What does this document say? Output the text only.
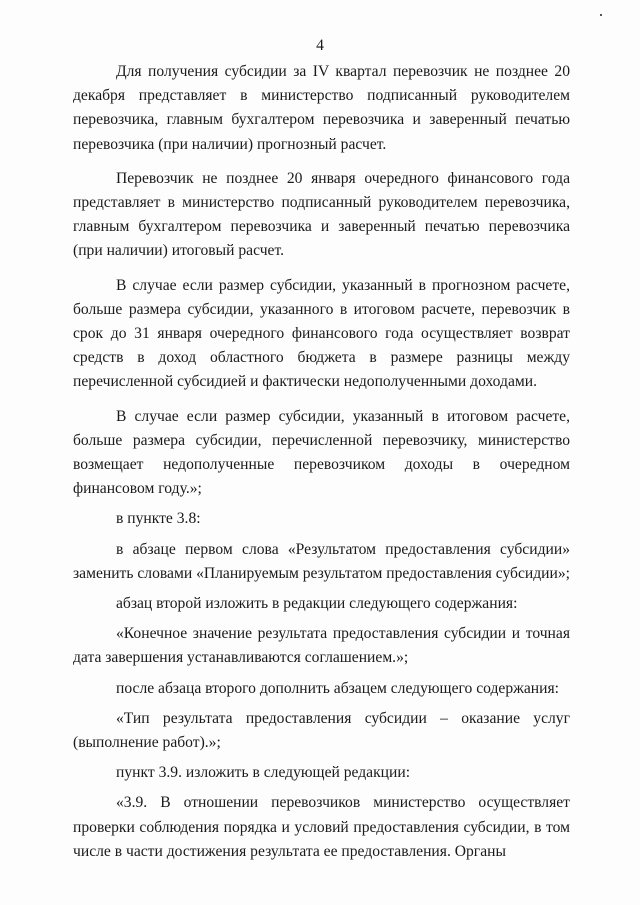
4

Для получения субсидии за IV квартал перевозчик не позднее 20 декабря представляет в министерство подписанный руководителем перевозчика, главным бухгалтером перевозчика и заверенный печатью перевозчика (при наличии) прогнозный расчет.

Перевозчик не позднее 20 января очередного финансового года представляет в министерство подписанный руководителем перевозчика, главным бухгалтером перевозчика и заверенный печатью перевозчика (при наличии) итоговый расчет.

В случае если размер субсидии, указанный в прогнозном расчете, больше размера субсидии, указанного в итоговом расчете, перевозчик в срок до 31 января очередного финансового года осуществляет возврат средств в доход областного бюджета в размере разницы между перечисленной субсидией и фактически недополученными доходами.

В случае если размер субсидии, указанный в итоговом расчете, больше размера субсидии, перечисленной перевозчику, министерство возмещает недополученные перевозчиком доходы в очередном финансовом году.»;

в пункте 3.8:

в абзаце первом слова «Результатом предоставления субсидии» заменить словами «Планируемым результатом предоставления субсидии»;

абзац второй изложить в редакции следующего содержания:

«Конечное значение результата предоставления субсидии и точная дата завершения устанавливаются соглашением.»;

после абзаца второго дополнить абзацем следующего содержания:

«Тип результата предоставления субсидии – оказание услуг (выполнение работ).»;

пункт 3.9. изложить в следующей редакции:

«3.9. В отношении перевозчиков министерство осуществляет проверки соблюдения порядка и условий предоставления субсидии, в том числе в части достижения результата ее предоставления. Органы
